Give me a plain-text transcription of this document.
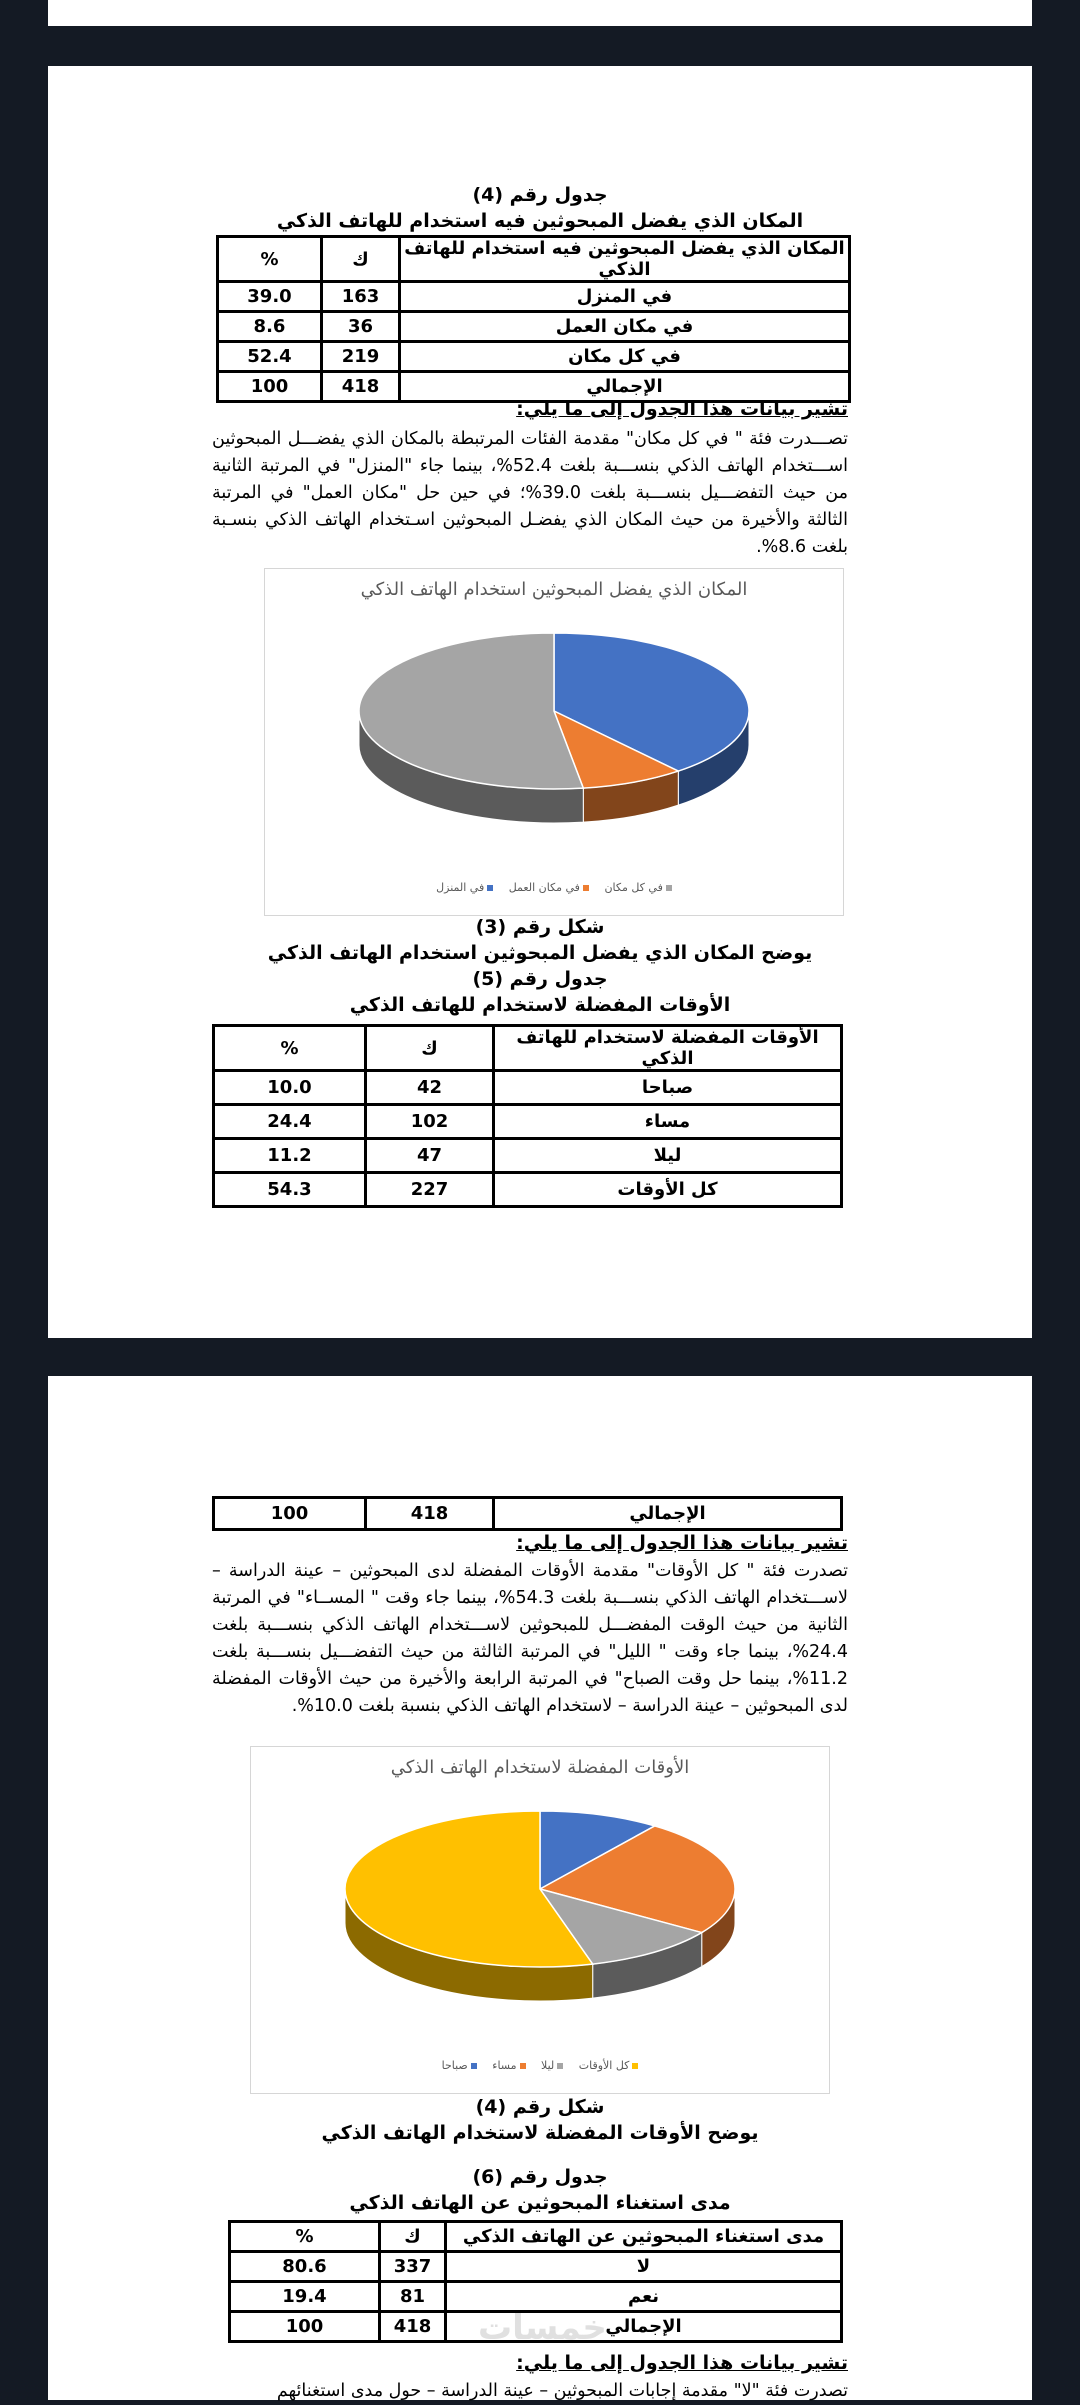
جدول رقم (4)
المكان الذي يفضل المبحوثين فيه استخدام للهاتف الذكي
المكان الذي يفضل المبحوثين فيه استخدام للهاتف الذكي	ك	%
في المنزل	163	39.0
في مكان العمل	36	8.6
في كل مكان	219	52.4
الإجمالي	418	100
تشير بيانات هذا الجدول إلى ما يلي:
تصـــدرت فئة " في كل مكان" مقدمة الفئات المرتبطة بالمكان الذي يفضـــل المبحوثين اســـتخدام الهاتف الذكي بنســـبة بلغت 52.4%، بينما جاء "المنزل" في المرتبة الثانية من حيث التفضـــيل بنســـبة بلغت 39.0%؛ في حين حل "مكان العمل" في المرتبة الثالثة والأخيرة من حيث المكان الذي يفضـل المبحوثين اسـتخدام الهاتف الذكي بنسـبة بلغت 8.6%.
المكان الذي يفضل المبحوثين استخدام الهاتف الذكي
في كل مكان في مكان العمل في المنزل
شكل رقم (3)
يوضح المكان الذي يفضل المبحوثين استخدام الهاتف الذكي
جدول رقم (5)
الأوقات المفضلة لاستخدام للهاتف الذكي
الأوقات المفضلة لاستخدام للهاتف الذكي	ك	%
صباحا	42	10.0
مساء	102	24.4
ليلا	47	11.2
كل الأوقات	227	54.3
الإجمالي	418	100
تشير بيانات هذا الجدول إلى ما يلي:
تصدرت فئة " كل الأوقات" مقدمة الأوقات المفضلة لدى المبحوثين – عينة الدراسة – لاســـتخدام الهاتف الذكي بنســـبة بلغت 54.3%، بينما جاء وقت " المســاء" في المرتبة الثانية من حيث الوقت المفضـــل للمبحوثين لاســـتخدام الهاتف الذكي بنســـبة بلغت 24.4%، بينما جاء وقت " الليل" في المرتبة الثالثة من حيث التفضـــيل بنســـبة بلغت 11.2%، بينما حل وقت الصباح" في المرتبة الرابعة والأخيرة من حيث الأوقات المفضلة لدى المبحوثين – عينة الدراسة – لاستخدام الهاتف الذكي بنسبة بلغت 10.0%.
الأوقات المفضلة لاستخدام الهاتف الذكي
كل الأوقات ليلا مساء صباحا
شكل رقم (4)
يوضح الأوقات المفضلة لاستخدام الهاتف الذكي
جدول رقم (6)
مدى استغناء المبحوثين عن الهاتف الذكي
مدى استغناء المبحوثين عن الهاتف الذكي	ك	%
لا	337	80.6
نعم	81	19.4
الإجمالي	418	100	خمسات
تشير بيانات هذا الجدول إلى ما يلي:
تصدرت فئة "لا" مقدمة إجابات المبحوثين – عينة الدراسة – حول مدى استغنائهم
